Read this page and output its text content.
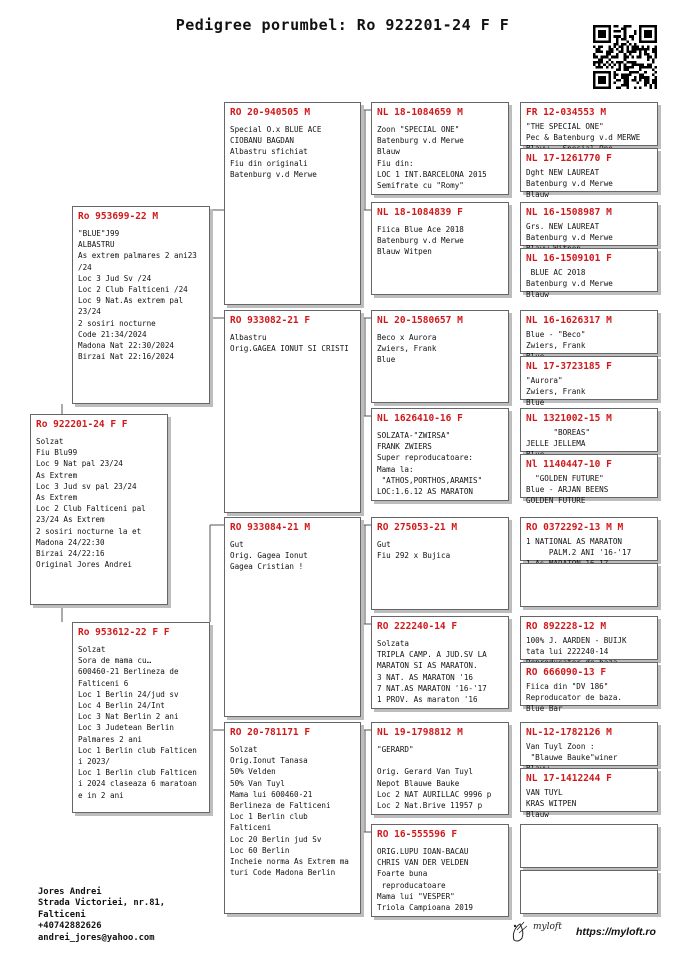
Pedigree porumbel: Ro 922201-24 F F
Ro 922201-24 F F
Solzat
Fiu Blu99
Loc 9 Nat pal 23/24
As Extrem
Loc 3 Jud sv pal 23/24
As Extrem
Loc 2 Club Falticeni pal
23/24 As Extrem
2 sosiri nocturne la et
Madona 24/22:30
Birzai 24/22:16
Original Jores Andrei
Ro 953699-22 M
"BLUE"J99
ALBASTRU
As extrem palmares 2 ani23
/24
Loc 3 Jud Sv /24
Loc 2 Club Falticeni /24
Loc 9 Nat.As extrem pal
23/24
2 sosiri nocturne
Code 21:34/2024
Madona Nat 22:30/2024
Birzai Nat 22:16/2024
Ro 953612-22 F F
Solzat
Sora de mama cu…
600460-21 Berlineza de
Falticeni 6
Loc 1 Berlin 24/jud sv
Loc 4 Berlin 24/Int
Loc 3 Nat Berlin 2 ani
Loc 3 Judetean Berlin
Palmares 2 ani
Loc 1 Berlin club Falticen
i 2023/
Loc 1 Berlin club Falticen
i 2024 claseaza 6 maratoan
e in 2 ani
Jores Andrei
Strada Victoriei, nr.81,
Falticeni
+40742882626
andrei_jores@yahoo.com
myloft https://myloft.ro
RO 20-940505 M
Special O.x BLUE ACE
CIOBANU BAGDAN
Albastru sfichiat
Fiu din originali
Batenburg v.d Merwe
RO 933082-21 F
Albastru
Orig.GAGEA IONUT SI CRISTI
RO 933084-21 M
Gut
Orig. Gagea Ionut
Gagea Cristian !
RO 20-781171 F
Solzat
Orig.Ionut Tanasa
50% Velden
50% Van Tuyl
Mama lui 600460-21
Berlineza de Falticeni
Loc 1 Berlin club
Falticeni
Loc 20 Berlin jud Sv
Loc 60 Berlin
Incheie norma As Extrem ma
turi Code Madona Berlin
NL 18-1084659 M
Zoon "SPECIAL ONE"
Batenburg v.d Merwe
Blauw
Fiu din:
LOC 1 INT.BARCELONA 2015
Semifrate cu "Romy"
NL 18-1084839 F
Fiica Blue Ace 2018
Batenburg v.d Merwe
Blauw Witpen
NL 20-1580657 M
Beco x Aurora
Zwiers, Frank
Blue
NL 1626410-16 F
SOLZATA-"ZWIRSA"
FRANK ZWIERS
Super reproducatoare:
Mama la:
"ATHOS,PORTHOS,ARAMIS"
LOC:1.6.12 AS MARATON
RO 275053-21 M
Gut
Fiu 292 x Bujica
RO 222240-14 F
Solzata
TRIPLA CAMP. A JUD.SV LA
MARATON SI AS MARATON.
3 NAT. AS MARATON '16
7 NAT.AS MARATON '16-'17
1 PROV. As maraton '16
NL 19-1798812 M
"GERARD"

Orig. Gerard Van Tuyl
Nepot Blauwe Bauke
Loc 2 NAT AURILLAC 9996 p
Loc 2 Nat.Brive 11957 p
RO 16-555596 F
ORIG.LUPU IOAN-BACAU
CHRIS VAN DER VELDEN
Foarte buna
reproducatoare
Mama lui "VESPER"
Triola Campioana 2019
FR 12-034553 M
"THE SPECIAL ONE"
Pec & Batenburg v.d MERWE
NL 17-1261770 F
Dght NEW LAUREAT
Batenburg v.d Merwe
Blauw
NL 16-1508987 M
Grs. NEW LAUREAT
Batenburg v.d Merwe
NL 16-1509101 F
BLUE AC 2018
Batenburg v.d Merwe
Blauw
NL 16-1626317 M
Blue - "Beco"
Zwiers, Frank
NL 17-3723185 F
"Aurora"
Zwiers, Frank
Blue
NL 1321002-15 M
"BOREAS"
JELLE JELLEMA
Nl 1140447-10 F
"GOLDEN FUTURE"
Blue - ARJAN BEENS
GOLDEN FUTURE
RO 0372292-13 M M
1 NATIONAL AS MARATON
PALM.2 ANI '16-'17
RO 892228-12 M
100% J. AARDEN - BUIJK
tata lui 222240-14
RO 666090-13 F
Fiica din "DV 186"
Reproducator de baza.
Blue Bar
NL-12-1782126 M
Van Tuyl Zoon :
"Blauwe Bauke"winer
NL 17-1412244 F
VAN TUYL
KRAS WITPEN
Blauw
